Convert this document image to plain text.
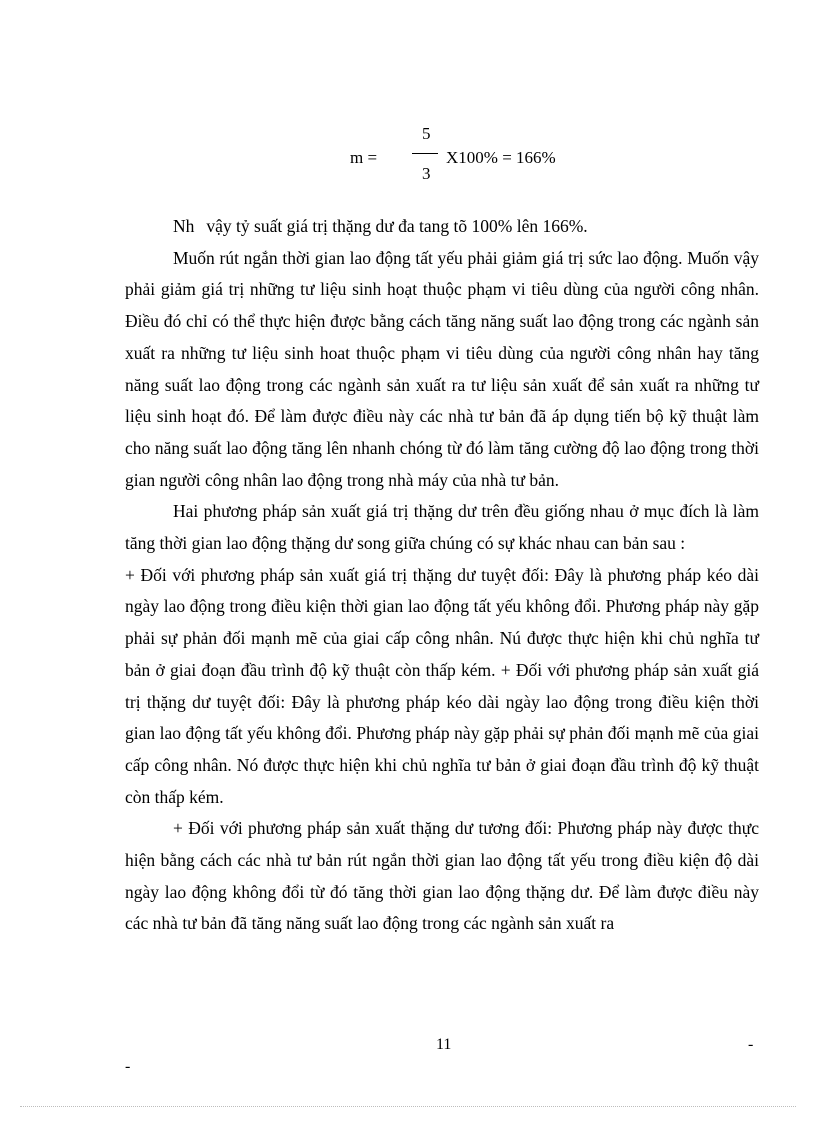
m =
5
3
X100% = 166%

Nh vậy tỷ suất giá trị thặng dư đa tang tõ 100% lên 166%.

Muốn rút ngắn thời gian lao động tất yếu phải giảm giá trị sức lao động. Muốn vậy phải giảm giá trị những tư liệu sinh hoạt thuộc phạm vi tiêu dùng của người công nhân. Điều đó chỉ có thể thực hiện được bằng cách tăng năng suất lao động trong các ngành sản xuất ra những tư liệu sinh hoat thuộc phạm vi tiêu dùng của người công nhân hay tăng năng suất lao động trong các ngành sản xuất ra tư liệu sản xuất để sản xuất ra những tư liệu sinh hoạt đó. Để làm được điều này các nhà tư bản đã áp dụng tiến bộ kỹ thuật làm cho năng suất lao động tăng lên nhanh chóng từ đó làm tăng cường độ lao động trong thời gian người công nhân lao động trong nhà máy của nhà tư bản.

Hai phương pháp sản xuất giá trị thặng dư trên đều giống nhau ở mục đích là làm tăng thời gian lao động thặng dư song giữa chúng có sự khác nhau can bản sau :

+ Đối với phương pháp sản xuất giá trị thặng dư tuyệt đối: Đây là phương pháp kéo dài ngày lao động trong điều kiện thời gian lao động tất yếu không đổi. Phương pháp này gặp phải sự phản đối mạnh mẽ của giai cấp công nhân. Nú được thực hiện khi chủ nghĩa tư bản ở giai đoạn đầu trình độ kỹ thuật còn thấp kém. + Đối với phương pháp sản xuất giá trị thặng dư tuyệt đối: Đây là phương pháp kéo dài ngày lao động trong điều kiện thời gian lao động tất yếu không đổi. Phương pháp này gặp phải sự phản đối mạnh mẽ của giai cấp công nhân. Nó được thực hiện khi chủ nghĩa tư bản ở giai đoạn đầu trình độ kỹ thuật còn thấp kém.

+ Đối với phương pháp sản xuất thặng dư tương đối: Phương pháp này được thực hiện bằng cách các nhà tư bản rút ngắn thời gian lao động tất yếu trong điều kiện độ dài ngày lao động không đổi từ đó tăng thời gian lao động thặng dư. Để làm được điều này các nhà tư bản đã tăng năng suất lao động trong các ngành sản xuất ra

11	-
-
